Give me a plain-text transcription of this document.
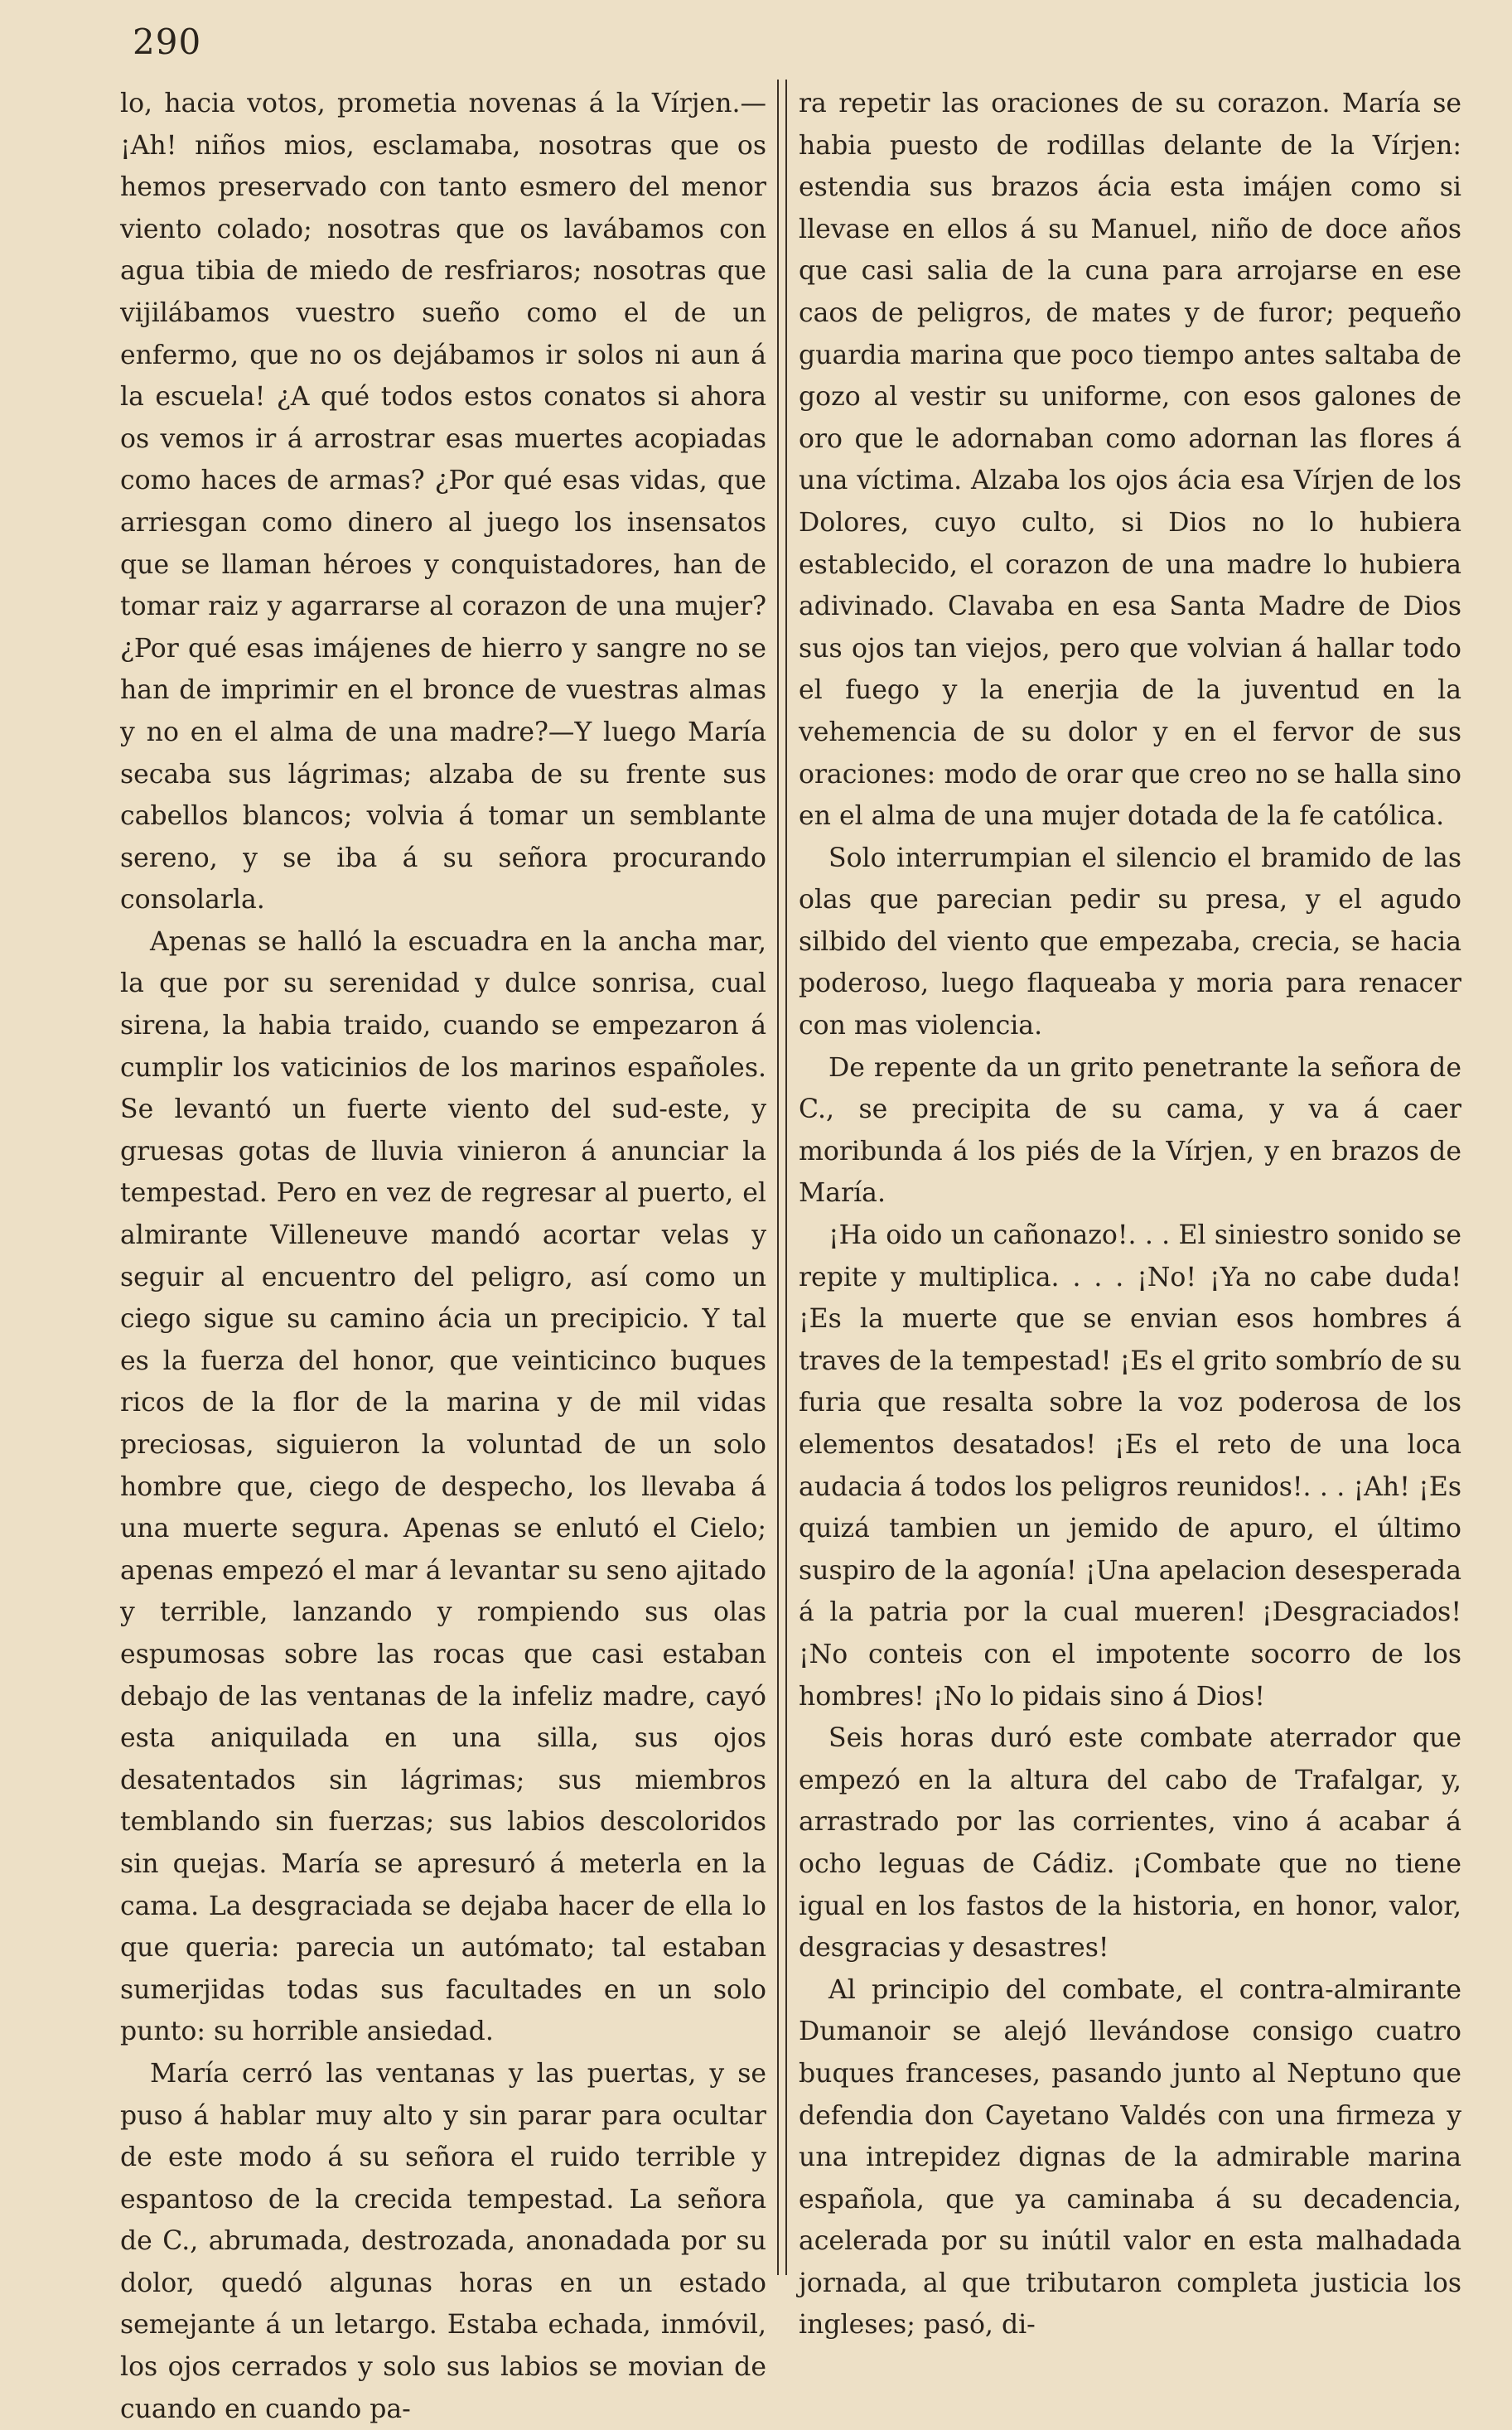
290

lo, hacia votos, prometia novenas á la Vírjen.—¡Ah! niños mios, esclamaba, nosotras que os hemos preservado con tanto esmero del menor viento colado; nosotras que os lavábamos con agua tibia de miedo de resfriaros; nosotras que vijilábamos vuestro sueño como el de un enfermo, que no os dejábamos ir solos ni aun á la escuela! ¿A qué todos estos conatos si ahora os vemos ir á arrostrar esas muertes acopiadas como haces de armas? ¿Por qué esas vidas, que arriesgan como dinero al juego los insensatos que se llaman héroes y conquistadores, han de tomar raiz y agarrarse al corazon de una mujer? ¿Por qué esas imájenes de hierro y sangre no se han de imprimir en el bronce de vuestras almas y no en el alma de una madre?—Y luego María secaba sus lágrimas; alzaba de su frente sus cabellos blancos; volvia á tomar un semblante sereno, y se iba á su señora procurando consolarla.

Apenas se halló la escuadra en la ancha mar, la que por su serenidad y dulce sonrisa, cual sirena, la habia traido, cuando se empezaron á cumplir los vaticinios de los marinos españoles. Se levantó un fuerte viento del sud-este, y gruesas gotas de lluvia vinieron á anunciar la tempestad. Pero en vez de regresar al puerto, el almirante Villeneuve mandó acortar velas y seguir al encuentro del peligro, así como un ciego sigue su camino ácia un precipicio. Y tal es la fuerza del honor, que veinticinco buques ricos de la flor de la marina y de mil vidas preciosas, siguieron la voluntad de un solo hombre que, ciego de despecho, los llevaba á una muerte segura. Apenas se enlutó el Cielo; apenas empezó el mar á levantar su seno ajitado y terrible, lanzando y rompiendo sus olas espumosas sobre las rocas que casi estaban debajo de las ventanas de la infeliz madre, cayó esta aniquilada en una silla, sus ojos desatentados sin lágrimas; sus miembros temblando sin fuerzas; sus labios descoloridos sin quejas. María se apresuró á meterla en la cama. La desgraciada se dejaba hacer de ella lo que queria: parecia un autómato; tal estaban sumerjidas todas sus facultades en un solo punto: su horrible ansiedad.

María cerró las ventanas y las puertas, y se puso á hablar muy alto y sin parar para ocultar de este modo á su señora el ruido terrible y espantoso de la crecida tempestad. La señora de C., abrumada, destrozada, anonadada por su dolor, quedó algunas horas en un estado semejante á un letargo. Estaba echada, inmóvil, los ojos cerrados y solo sus labios se movian de cuando en cuando pa-

ra repetir las oraciones de su corazon. María se habia puesto de rodillas delante de la Vírjen: estendia sus brazos ácia esta imájen como si llevase en ellos á su Manuel, niño de doce años que casi salia de la cuna para arrojarse en ese caos de peligros, de mates y de furor; pequeño guardia marina que poco tiempo antes saltaba de gozo al vestir su uniforme, con esos galones de oro que le adornaban como adornan las flores á una víctima. Alzaba los ojos ácia esa Vírjen de los Dolores, cuyo culto, si Dios no lo hubiera establecido, el corazon de una madre lo hubiera adivinado. Clavaba en esa Santa Madre de Dios sus ojos tan viejos, pero que volvian á hallar todo el fuego y la enerjia de la juventud en la vehemencia de su dolor y en el fervor de sus oraciones: modo de orar que creo no se halla sino en el alma de una mujer dotada de la fe católica.

Solo interrumpian el silencio el bramido de las olas que parecian pedir su presa, y el agudo silbido del viento que empezaba, crecia, se hacia poderoso, luego flaqueaba y moria para renacer con mas violencia.

De repente da un grito penetrante la señora de C., se precipita de su cama, y va á caer moribunda á los piés de la Vírjen, y en brazos de María.

¡Ha oido un cañonazo!. . . El siniestro sonido se repite y multiplica. . . . ¡No! ¡Ya no cabe duda! ¡Es la muerte que se envian esos hombres á traves de la tempestad! ¡Es el grito sombrío de su furia que resalta sobre la voz poderosa de los elementos desatados! ¡Es el reto de una loca audacia á todos los peligros reunidos!. . . ¡Ah! ¡Es quizá tambien un jemido de apuro, el último suspiro de la agonía! ¡Una apelacion desesperada á la patria por la cual mueren! ¡Desgraciados! ¡No conteis con el impotente socorro de los hombres! ¡No lo pidais sino á Dios!

Seis horas duró este combate aterrador que empezó en la altura del cabo de Trafalgar, y, arrastrado por las corrientes, vino á acabar á ocho leguas de Cádiz. ¡Combate que no tiene igual en los fastos de la historia, en honor, valor, desgracias y desastres!

Al principio del combate, el contra-almirante Dumanoir se alejó llevándose consigo cuatro buques franceses, pasando junto al Neptuno que defendia don Cayetano Valdés con una firmeza y una intrepidez dignas de la admirable marina española, que ya caminaba á su decadencia, acelerada por su inútil valor en esta malhadada jornada, al que tributaron completa justicia los ingleses; pasó, di-
